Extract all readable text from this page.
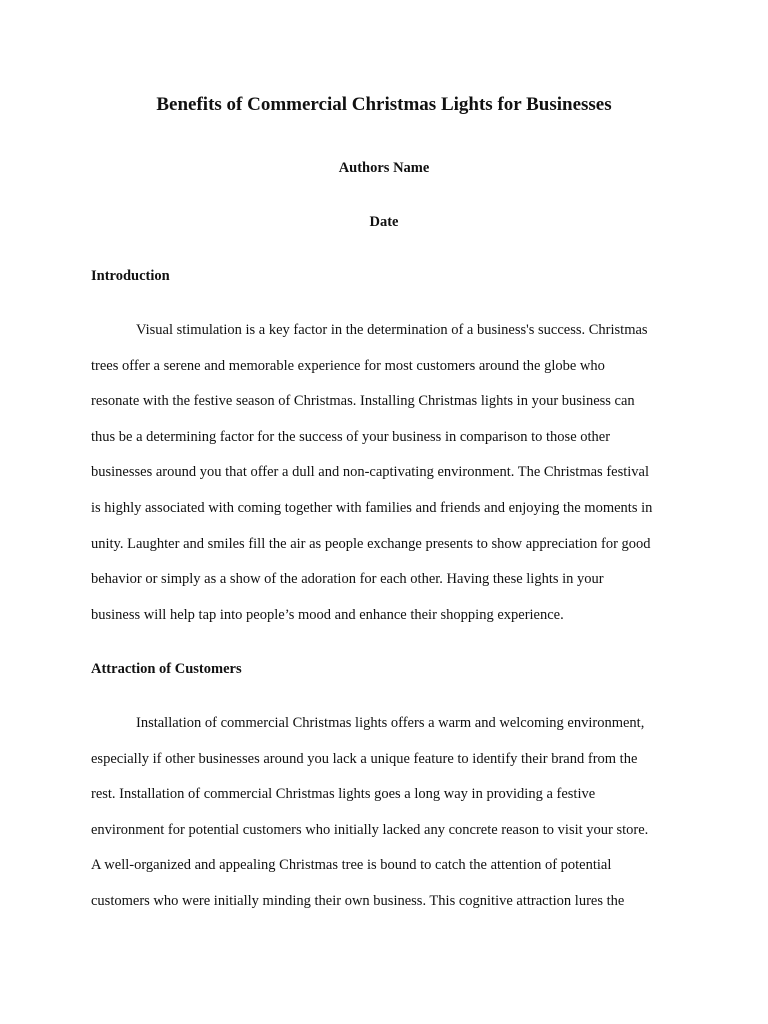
Benefits of Commercial Christmas Lights for Businesses
Authors Name
Date
Introduction
Visual stimulation is a key factor in the determination of a business's success. Christmas
trees offer a serene and memorable experience for most customers around the globe who
resonate with the festive season of Christmas. Installing Christmas lights in your business can
thus be a determining factor for the success of your business in comparison to those other
businesses around you that offer a dull and non-captivating environment. The Christmas festival
is highly associated with coming together with families and friends and enjoying the moments in
unity. Laughter and smiles fill the air as people exchange presents to show appreciation for good
behavior or simply as a show of the adoration for each other. Having these lights in your
business will help tap into people’s mood and enhance their shopping experience.
Attraction of Customers
Installation of commercial Christmas lights offers a warm and welcoming environment,
especially if other businesses around you lack a unique feature to identify their brand from the
rest. Installation of commercial Christmas lights goes a long way in providing a festive
environment for potential customers who initially lacked any concrete reason to visit your store.
A well-organized and appealing Christmas tree is bound to catch the attention of potential
customers who were initially minding their own business. This cognitive attraction lures the
